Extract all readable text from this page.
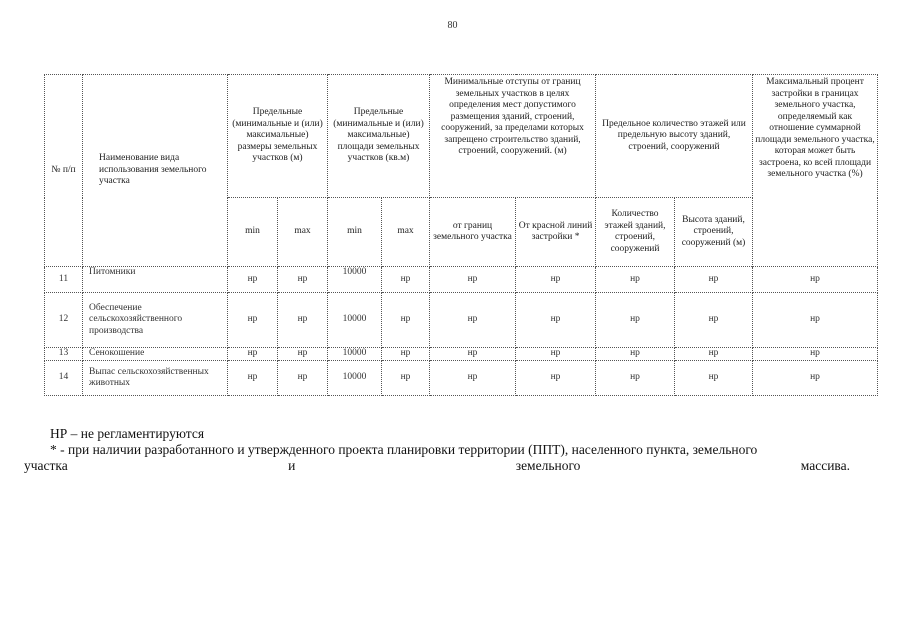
80
№ п/п	Наименование вида использования земельного участка	Предельные (минимальные и (или) максимальные) размеры земельных участков (м)		Предельные (минимальные и (или) максимальные) площади земельных участков (кв.м)		Минимальные отступы от границ земельных участков в целях определения мест допустимого размещения зданий, строений, сооружений, за пределами которых запрещено строительство зданий, строений, сооружений. (м)		Предельное количество этажей или предельную высоту зданий, строений, сооружений		Максимальный процент застройки в границах земельного участка, определяемый как отношение суммарной площади земельного участка, которая может быть застроена, ко всей площади земельного участка (%)
		min	max	min	max	от границ земельного участка	От красной линий застройки *	Количество этажей зданий, строений, сооружений	Высота зданий, строений, сооружений (м)	
11	Питомники	нр	нр	10000	нр	нр	нр	нр	нр	нр
12	Обеспечение сельскохозяйственного производства	нр	нр	10000	нр	нр	нр	нр	нр	нр
13	Сенокошение	нр	нр	10000	нр	нр	нр	нр	нр	нр
14	Выпас сельскохозяйственных животных	нр	нр	10000	нр	нр	нр	нр	нр	нр
НР – не регламентируются
* - при наличии разработанного и утвержденного проекта планировки территории (ППТ), населенного пункта, земельного
участка	и	земельного	массива.
